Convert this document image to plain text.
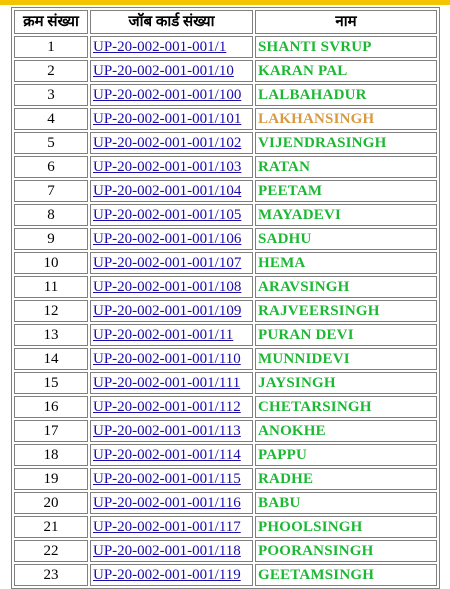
क्रम संख्या	जॉब कार्ड संख्या	नाम
1	UP-20-002-001-001/1	SHANTI SVRUP
2	UP-20-002-001-001/10	KARAN PAL
3	UP-20-002-001-001/100	LALBAHADUR
4	UP-20-002-001-001/101	LAKHANSINGH
5	UP-20-002-001-001/102	VIJENDRASINGH
6	UP-20-002-001-001/103	RATAN
7	UP-20-002-001-001/104	PEETAM
8	UP-20-002-001-001/105	MAYADEVI
9	UP-20-002-001-001/106	SADHU
10	UP-20-002-001-001/107	HEMA
11	UP-20-002-001-001/108	ARAVSINGH
12	UP-20-002-001-001/109	RAJVEERSINGH
13	UP-20-002-001-001/11	PURAN DEVI
14	UP-20-002-001-001/110	MUNNIDEVI
15	UP-20-002-001-001/111	JAYSINGH
16	UP-20-002-001-001/112	CHETARSINGH
17	UP-20-002-001-001/113	ANOKHE
18	UP-20-002-001-001/114	PAPPU
19	UP-20-002-001-001/115	RADHE
20	UP-20-002-001-001/116	BABU
21	UP-20-002-001-001/117	PHOOLSINGH
22	UP-20-002-001-001/118	POORANSINGH
23	UP-20-002-001-001/119	GEETAMSINGH
